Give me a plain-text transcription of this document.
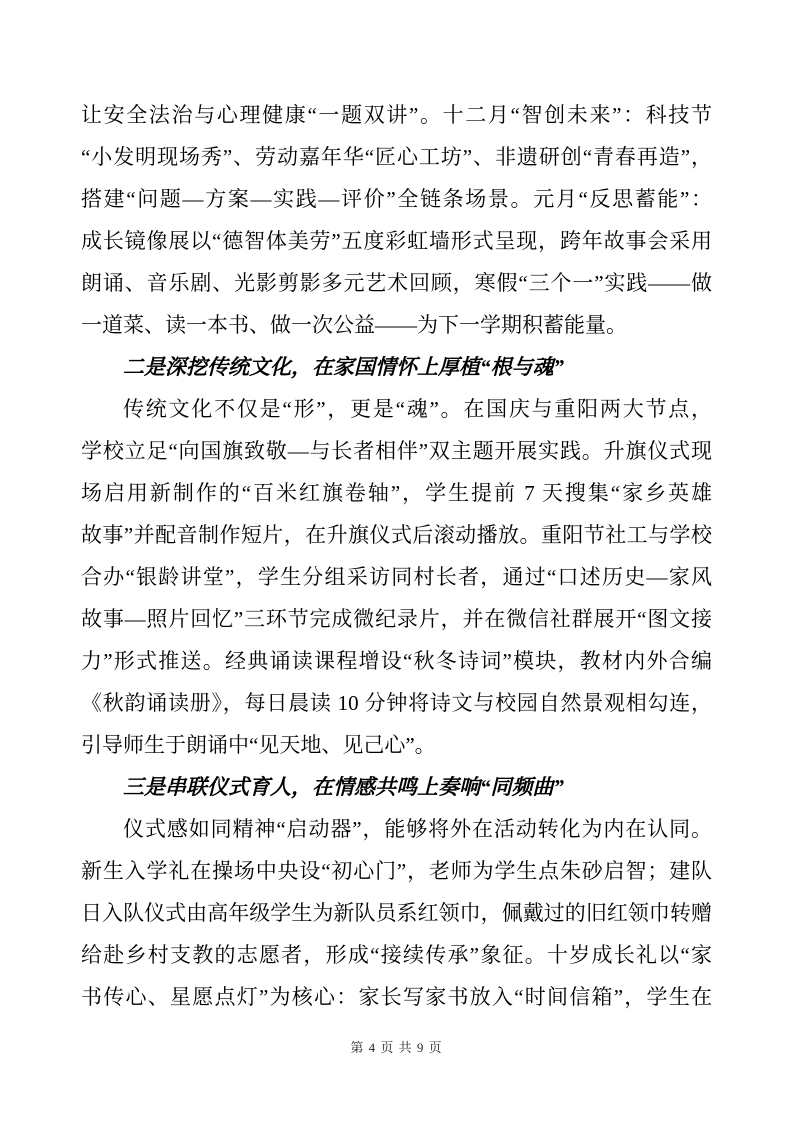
让安全法治与心理健康“一题双讲”。十二月“智创未来”：科技节
“小发明现场秀”、劳动嘉年华“匠心工坊”、非遗研创“青春再造”，
搭建“问题—方案—实践—评价”全链条场景。元月“反思蓄能”：
成长镜像展以“德智体美劳”五度彩虹墙形式呈现，跨年故事会采用
朗诵、音乐剧、光影剪影多元艺术回顾，寒假“三个一”实践——做
一道菜、读一本书、做一次公益——为下一学期积蓄能量。
二是深挖传统文化，在家国情怀上厚植“根与魂”
传统文化不仅是“形”，更是“魂”。在国庆与重阳两大节点，
学校立足“向国旗致敬—与长者相伴”双主题开展实践。升旗仪式现
场启用新制作的“百米红旗卷轴”，学生提前 7 天搜集“家乡英雄
故事”并配音制作短片，在升旗仪式后滚动播放。重阳节社工与学校
合办“银龄讲堂”，学生分组采访同村长者，通过“口述历史—家风
故事—照片回忆”三环节完成微纪录片，并在微信社群展开“图文接
力”形式推送。经典诵读课程增设“秋冬诗词”模块，教材内外合编
《秋韵诵读册》，每日晨读 10 分钟将诗文与校园自然景观相勾连，
引导师生于朗诵中“见天地、见己心”。
三是串联仪式育人，在情感共鸣上奏响“同频曲”
仪式感如同精神“启动器”，能够将外在活动转化为内在认同。
新生入学礼在操场中央设“初心门”，老师为学生点朱砂启智；建队
日入队仪式由高年级学生为新队员系红领巾，佩戴过的旧红领巾转赠
给赴乡村支教的志愿者，形成“接续传承”象征。十岁成长礼以“家
书传心、星愿点灯”为核心：家长写家书放入“时间信箱”，学生在
第 4 页 共 9 页
